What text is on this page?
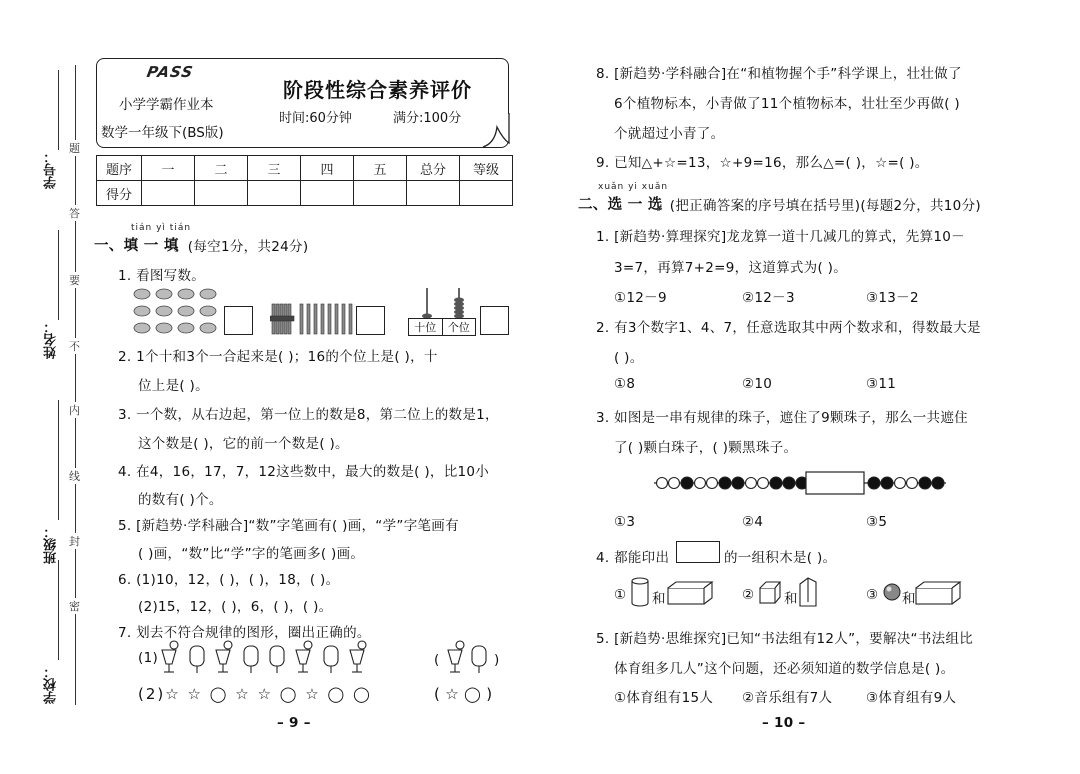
学号：
姓名：
班级：
学校：
题
答
要
不
内
线
封
密
PASS
小学学霸作业本
数学一年级下(BS版)
阶段性综合素养评价
时间:60分钟	满分:100分
题序	一	二	三	四	五	总分	等级
得分							
tián yì tián
一、填 一 填
。(每空1分，共24分)
1. 看图写数。
十位	个位
2. 1个十和3个一合起来是( )；16的个位上是( )，十
位上是( )。
3. 一个数，从右边起，第一位上的数是8，第二位上的数是1，
这个数是( )，它的前一个数是( )。
4. 在4，16，17，7，12这些数中，最大的数是( )，比10小
的数有( )个。
5. [新趋势·学科融合]“数”字笔画有( )画，“学”字笔画有
( )画，“数”比“学”字的笔画多( )画。
6. (1)10，12，( )，( )，18，( )。
(2)15，12，( )，6，( )，( )。
7. 划去不符合规律的图形，圈出正确的。
(1)	(	)
(2)☆ ☆ ◯ ☆ ☆ ◯ ☆ ◯ ◯	( ☆ ◯ )
– 9 –
8. [新趋势·学科融合]在“和植物握个手”科学课上，壮壮做了
6个植物标本，小青做了11个植物标本，壮壮至少再做( )
个就超过小青了。
9. 已知△+☆=13，☆+9=16，那么△=( )，☆=( )。
xuǎn yi xuǎn
二、选 一 选
。(把正确答案的序号填在括号里)(每题2分，共10分)
1. [新趋势·算理探究]龙龙算一道十几减几的算式，先算10－
3=7，再算7+2=9，这道算式为( )。
①12－9	②12－3	③13－2
2. 有3个数字1、4、7，任意选取其中两个数求和，得数最大是
( )。
①8	②10	③11
3. 如图是一串有规律的珠子，遮住了9颗珠子，那么一共遮住
了( )颗白珠子，( )颗黑珠子。
①3	②4	③5
4. 都能印出	的一组积木是( )。
① 和	② 和	③ 和
5. [新趋势·思维探究]已知“书法组有12人”，要解决“书法组比
体育组多几人”这个问题，还必须知道的数学信息是( )。
①体育组有15人 ②音乐组有7人 ③体育组有9人
– 10 –
